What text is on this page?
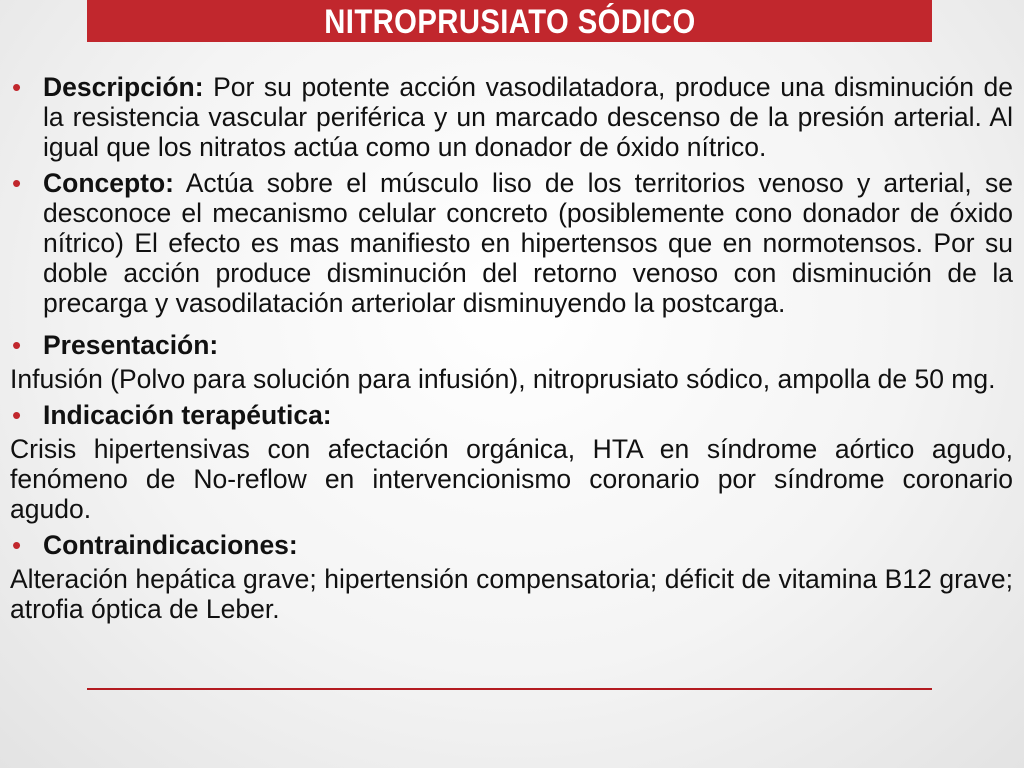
NITROPRUSIATO SÓDICO
• Descripción: Por su potente acción vasodilatadora, produce una disminución de la resistencia vascular periférica y un marcado descenso de la presión arterial. Al igual que los nitratos actúa como un donador de óxido nítrico.
• Concepto: Actúa sobre el músculo liso de los territorios venoso y arterial, se desconoce el mecanismo celular concreto (posiblemente cono donador de óxido nítrico) El efecto es mas manifiesto en hipertensos que en normotensos. Por su doble acción produce disminución del retorno venoso con disminución de la precarga y vasodilatación arteriolar disminuyendo la postcarga.
• Presentación:
Infusión (Polvo para solución para infusión), nitroprusiato sódico, ampolla de 50 mg.
• Indicación terapéutica:
Crisis hipertensivas con afectación orgánica, HTA en síndrome aórtico agudo, fenómeno de No-reflow en intervencionismo coronario por síndrome coronario agudo.
• Contraindicaciones:
Alteración hepática grave; hipertensión compensatoria; déficit de vitamina B12 grave; atrofia óptica de Leber.
